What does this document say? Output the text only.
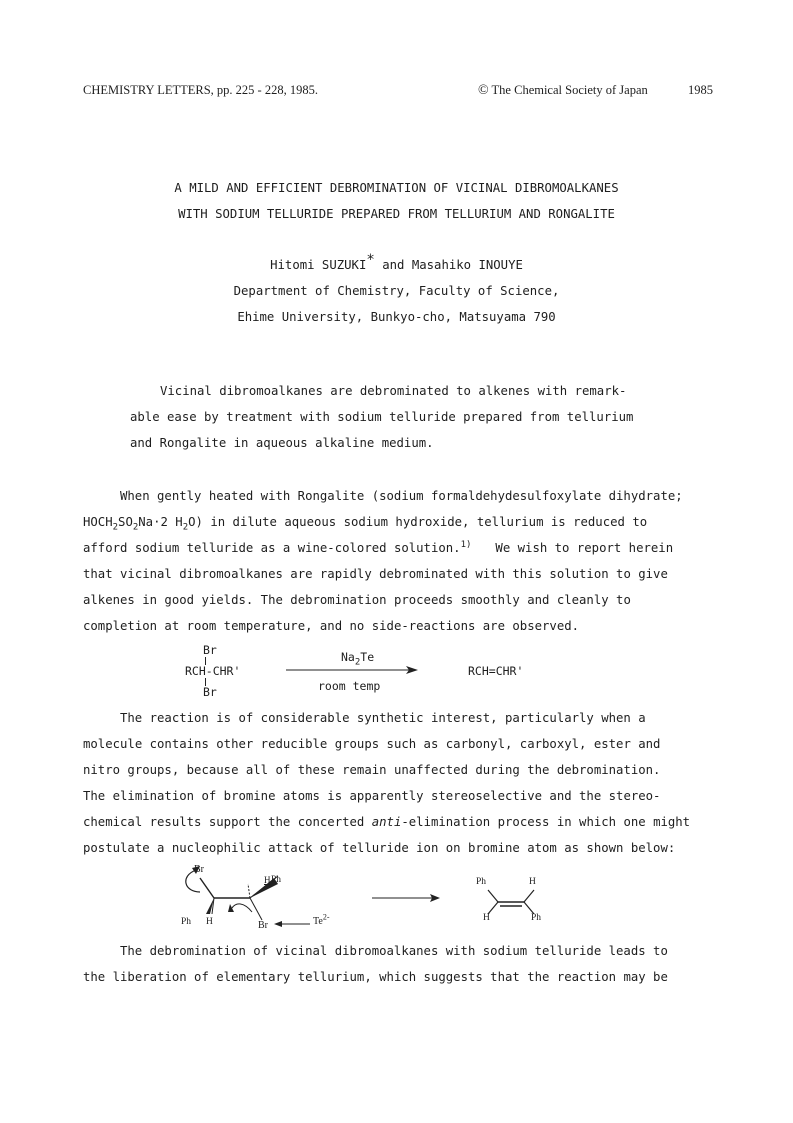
CHEMISTRY LETTERS, pp. 225 - 228, 1985.	© The Chemical Society of Japan	1985
A MILD AND EFFICIENT DEBROMINATION OF VICINAL DIBROMOALKANES
WITH SODIUM TELLURIDE PREPARED FROM TELLURIUM AND RONGALITE
Hitomi SUZUKI* and Masahiko INOUYE
Department of Chemistry, Faculty of Science,
Ehime University, Bunkyo-cho, Matsuyama 790
Vicinal dibromoalkanes are debrominated to alkenes with remark-
able ease by treatment with sodium telluride prepared from tellurium
and Rongalite in aqueous alkaline medium.
When gently heated with Rongalite (sodium formaldehydesulfoxylate dihydrate;
$HOCH_2SO_2Na\cdot 2$ $H_2O$) in dilute aqueous sodium hydroxide, tellurium is reduced to
afford sodium telluride as a wine-colored solution.$^{1)}$ We wish to report herein
that vicinal dibromoalkanes are rapidly debrominated with this solution to give
alkenes in good yields. The debromination proceeds smoothly and cleanly to
completion at room temperature, and no side-reactions are observed.
Br
RCH-CHR'
Br
$Na_2Te$
room temp
RCH=CHR'
The reaction is of considerable synthetic interest, particularly when a
molecule contains other reducible groups such as carbonyl, carboxyl, ester and
nitro groups, because all of these remain unaffected during the debromination.
The elimination of bromine atoms is apparently stereoselective and the stereo-
chemical results support the concerted anti-elimination process in which one might
postulate a nucleophilic attack of telluride ion on bromine atom as shown below:
Br
H Ph
Ph H	Br	$Te^{2-}$
Ph	H
H	Ph
The debromination of vicinal dibromoalkanes with sodium telluride leads to
the liberation of elementary tellurium, which suggests that the reaction may be
